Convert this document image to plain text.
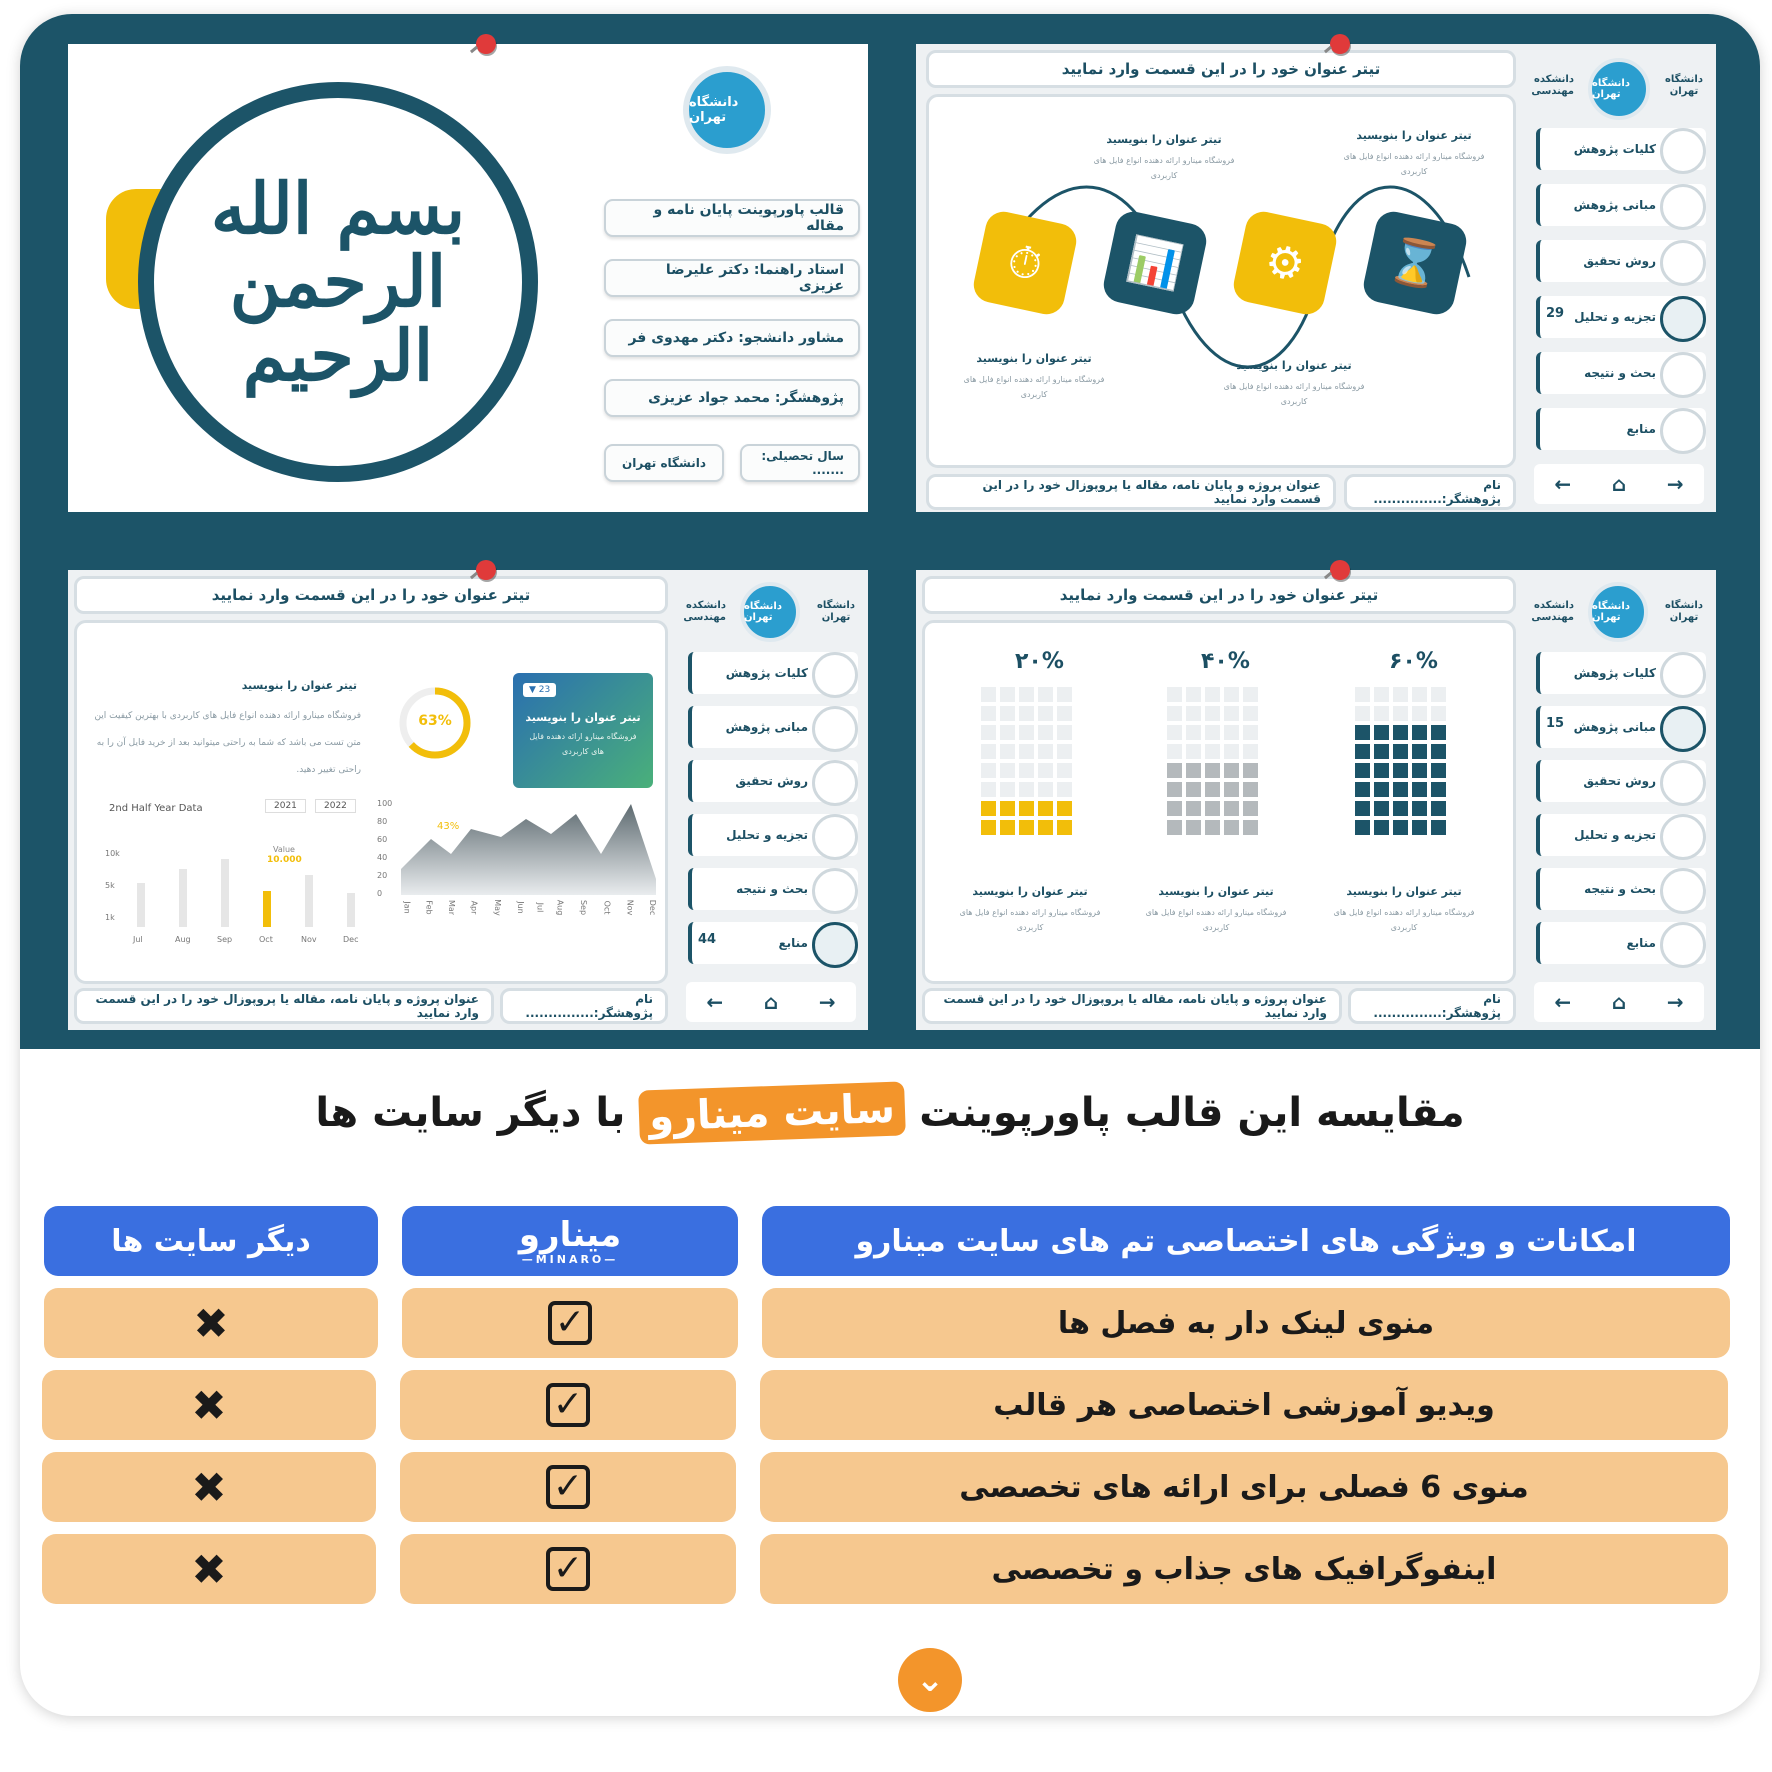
بسم الله الرحمن الرحیم
دانشگاه تهران
قالب پاورپوینت پایان نامه و مقاله
استاد راهنما: دکتر علیرضا عزیزی
مشاور دانشجو: دکتر مهدوی فر
پژوهشگر: محمد جواد عزیزی
سال تحصیلی: .......
دانشگاه تهران
تیتر عنوان خود را در این قسمت وارد نمایید
⏱	📊	⚙	⌛
تیتر عنوان را بنویسید
فروشگاه مینارو ارائه دهنده انواع فایل های کاربردی
تیتر عنوان را بنویسید
فروشگاه مینارو ارائه دهنده انواع فایل های کاربردی
تیتر عنوان را بنویسید
فروشگاه مینارو ارائه دهنده انواع فایل های کاربردی
تیتر عنوان را بنویسید
فروشگاه مینارو ارائه دهنده انواع فایل های کاربردی
عنوان پروژه و پایان نامه، مقاله یا پروپوزال خود را در این قسمت وارد نمایید
نام پژوهشگر:...............
دانشگاه تهران
دانشگاه تهران
دانشکده مهندسی
کلیات پژوهش
مبانی پژوهش
روش تحقیق
تجزیه و تحلیل
29
بحث و نتیجه
منابع
← ⌂ →
تیتر عنوان خود را در این قسمت وارد نمایید
تیتر عنوان را بنویسید
فروشگاه مینارو ارائه دهنده انواع فایل های کاربردی با بهترین کیفیت این متن تست می باشد که شما به راحتی میتوانید بعد از خرید فایل آن را به راحتی تغییر دهید.
63%
▼ 23
تیتر عنوان را بنویسید
فروشگاه مینارو ارائه دهنده فایل های کاربردی
2nd Half Year Data	2021	2022
Value
10.000
10k
5k
1k
Jul	Aug	Sep	Oct	Nov	Dec
100
80
60
40
20
0
43%
Jan Feb Mar Apr May Jun Jul Aug Sep Oct Nov Dec
عنوان پروژه و پایان نامه، مقاله یا پروپوزال خود را در این قسمت وارد نمایید
نام پژوهشگر:...............
دانشگاه تهران
دانشگاه تهران
دانشکده مهندسی
کلیات پژوهش
مبانی پژوهش
روش تحقیق
تجزیه و تحلیل
بحث و نتیجه
منابع
44
← ⌂ →
تیتر عنوان خود را در این قسمت وارد نمایید
۲۰%	۴۰%	۶۰%
تیتر عنوان را بنویسید
فروشگاه مینارو ارائه دهنده انواع فایل های کاربردی
تیتر عنوان را بنویسید
فروشگاه مینارو ارائه دهنده انواع فایل های کاربردی
تیتر عنوان را بنویسید
فروشگاه مینارو ارائه دهنده انواع فایل های کاربردی
عنوان پروژه و پایان نامه، مقاله یا پروپوزال خود را در این قسمت وارد نمایید
نام پژوهشگر:...............
دانشگاه تهران
دانشگاه تهران
دانشکده مهندسی
کلیات پژوهش
مبانی پژوهش
15
روش تحقیق
تجزیه و تحلیل
بحث و نتیجه
منابع
← ⌂ →
مقایسه این قالب پاورپوینت سایت مینارو با دیگر سایت ها
امکانات و ویژگی های اختصاصی تم های سایت مینارو
مینارو
—MINARO—
دیگر سایت ها
منوی لینک دار به فصل ها
✓
✖
ویدیو آموزشی اختصاصی هر قالب
✓
✖
منوی 6 فصلی برای ارائه های تخصصی
✓
✖
اینفوگرافیک های جذاب و تخصصی
✓
✖
⌄
